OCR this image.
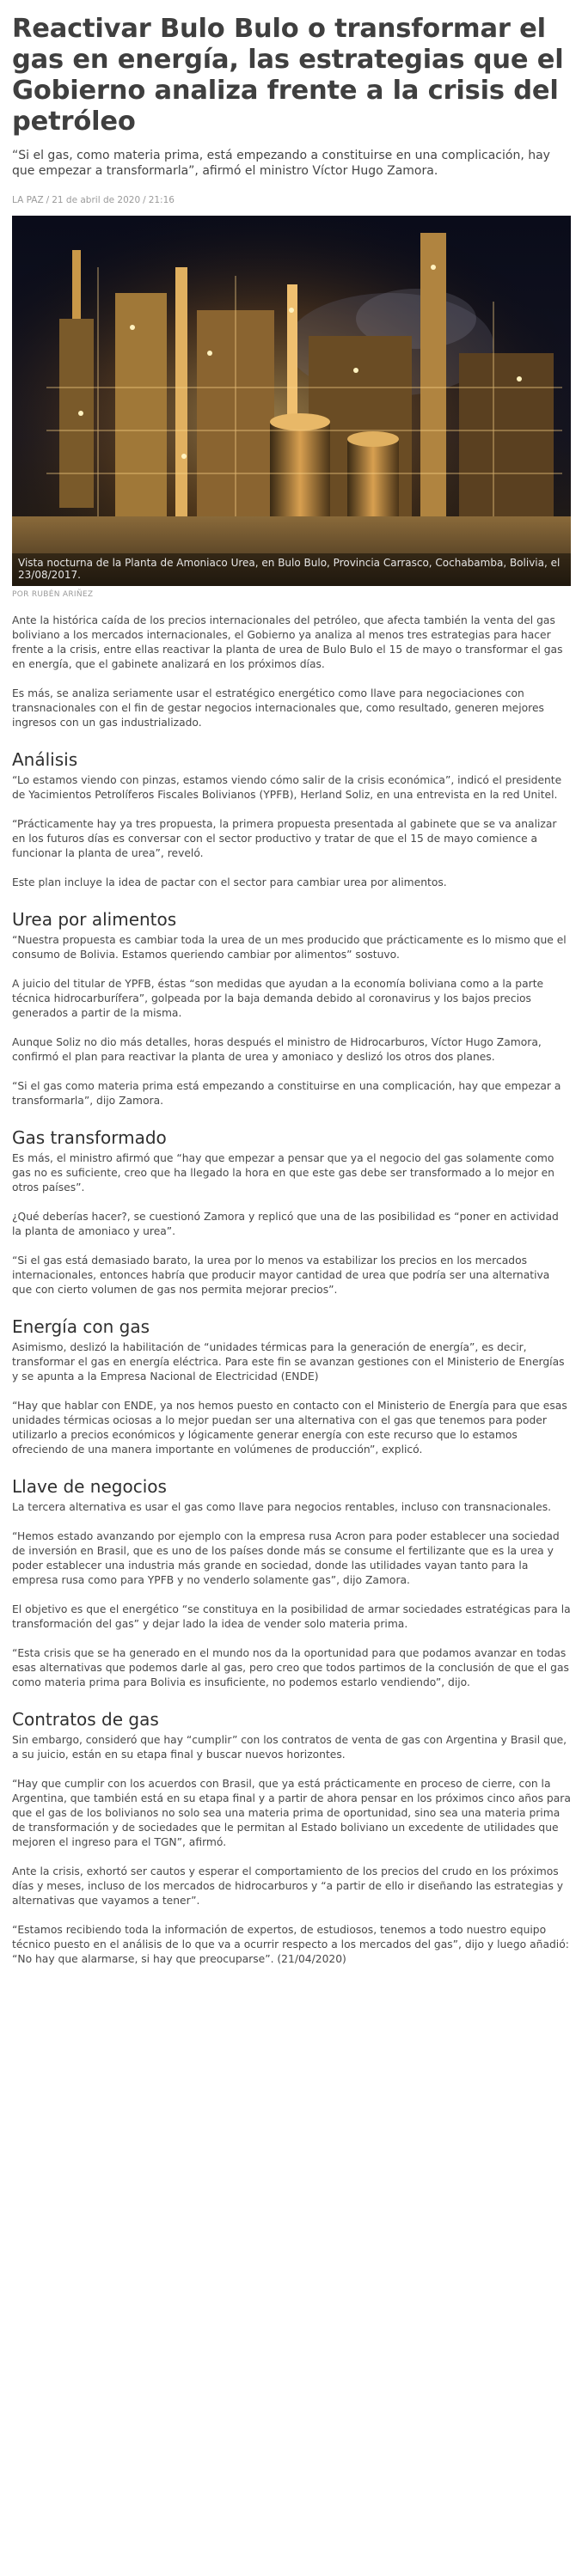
Reactivar Bulo Bulo o transformar el gas en energía, las estrategias que el Gobierno analiza frente a la crisis del petróleo

“Si el gas, como materia prima, está empezando a constituirse en una complicación, hay que empezar a transformarla”, afirmó el ministro Víctor Hugo Zamora.

LA PAZ / 21 de abril de 2020 / 21:16
Vista nocturna de la Planta de Amoniaco Urea, en Bulo Bulo, Provincia Carrasco, Cochabamba, Bolivia, el 23/08/2017.
POR RUBÉN ARIÑEZ

Ante la histórica caída de los precios internacionales del petróleo, que afecta también la venta del gas boliviano a los mercados internacionales, el Gobierno ya analiza al menos tres estrategias para hacer frente a la crisis, entre ellas reactivar la planta de urea de Bulo Bulo el 15 de mayo o transformar el gas en energía, que el gabinete analizará en los próximos días.

Es más, se analiza seriamente usar el estratégico energético como llave para negociaciones con transnacionales con el fin de gestar negocios internacionales que, como resultado, generen mejores ingresos con un gas industrializado.

Análisis

“Lo estamos viendo con pinzas, estamos viendo cómo salir de la crisis económica”, indicó el presidente de Yacimientos Petrolíferos Fiscales Bolivianos (YPFB), Herland Soliz, en una entrevista en la red Unitel.

“Prácticamente hay ya tres propuesta, la primera propuesta presentada al gabinete que se va analizar en los futuros días es conversar con el sector productivo y tratar de que el 15 de mayo comience a funcionar la planta de urea”, reveló.

Este plan incluye la idea de pactar con el sector para cambiar urea por alimentos.

Urea por alimentos

“Nuestra propuesta es cambiar toda la urea de un mes producido que prácticamente es lo mismo que el consumo de Bolivia. Estamos queriendo cambiar por alimentos” sostuvo.

A juicio del titular de YPFB, éstas “son medidas que ayudan a la economía boliviana como a la parte técnica hidrocarburífera”, golpeada por la baja demanda debido al coronavirus y los bajos precios generados a partir de la misma.

Aunque Soliz no dio más detalles, horas después el ministro de Hidrocarburos, Víctor Hugo Zamora, confirmó el plan para reactivar la planta de urea y amoniaco y deslizó los otros dos planes.

“Si el gas como materia prima está empezando a constituirse en una complicación, hay que empezar a transformarla”, dijo Zamora.

Gas transformado

Es más, el ministro afirmó que “hay que empezar a pensar que ya el negocio del gas solamente como gas no es suficiente, creo que ha llegado la hora en que este gas debe ser transformado a lo mejor en otros países”.

¿Qué deberías hacer?, se cuestionó Zamora y replicó que una de las posibilidad es “poner en actividad la planta de amoniaco y urea”.

“Si el gas está demasiado barato, la urea por lo menos va estabilizar los precios en los mercados internacionales, entonces habría que producir mayor cantidad de urea que podría ser una alternativa que con cierto volumen de gas nos permita mejorar precios”.

Energía con gas

Asimismo, deslizó la habilitación de “unidades térmicas para la generación de energía”, es decir, transformar el gas en energía eléctrica. Para este fin se avanzan gestiones con el Ministerio de Energías y se apunta a la Empresa Nacional de Electricidad (ENDE)

“Hay que hablar con ENDE, ya nos hemos puesto en contacto con el Ministerio de Energía para que esas unidades térmicas ociosas a lo mejor puedan ser una alternativa con el gas que tenemos para poder utilizarlo a precios económicos y lógicamente generar energía con este recurso que lo estamos ofreciendo de una manera importante en volúmenes de producción”, explicó.

Llave de negocios

La tercera alternativa es usar el gas como llave para negocios rentables, incluso con transnacionales.

“Hemos estado avanzando por ejemplo con la empresa rusa Acron para poder establecer una sociedad de inversión en Brasil, que es uno de los países donde más se consume el fertilizante que es la urea y poder establecer una industria más grande en sociedad, donde las utilidades vayan tanto para la empresa rusa como para YPFB y no venderlo solamente gas”, dijo Zamora.

El objetivo es que el energético “se constituya en la posibilidad de armar sociedades estratégicas para la transformación del gas” y dejar lado la idea de vender solo materia prima.

“Esta crisis que se ha generado en el mundo nos da la oportunidad para que podamos avanzar en todas esas alternativas que podemos darle al gas, pero creo que todos partimos de la conclusión de que el gas como materia prima para Bolivia es insuficiente, no podemos estarlo vendiendo”, dijo.

Contratos de gas

Sin embargo, consideró que hay “cumplir” con los contratos de venta de gas con Argentina y Brasil que, a su juicio, están en su etapa final y buscar nuevos horizontes.

“Hay que cumplir con los acuerdos con Brasil, que ya está prácticamente en proceso de cierre, con la Argentina, que también está en su etapa final y a partir de ahora pensar en los próximos cinco años para que el gas de los bolivianos no solo sea una materia prima de oportunidad, sino sea una materia prima de transformación y de sociedades que le permitan al Estado boliviano un excedente de utilidades que mejoren el ingreso para el TGN”, afirmó.

Ante la crisis, exhortó ser cautos y esperar el comportamiento de los precios del crudo en los próximos días y meses, incluso de los mercados de hidrocarburos y “a partir de ello ir diseñando las estrategias y alternativas que vayamos a tener”.

“Estamos recibiendo toda la información de expertos, de estudiosos, tenemos a todo nuestro equipo técnico puesto en el análisis de lo que va a ocurrir respecto a los mercados del gas”, dijo y luego añadió: “No hay que alarmarse, si hay que preocuparse”. (21/04/2020)
